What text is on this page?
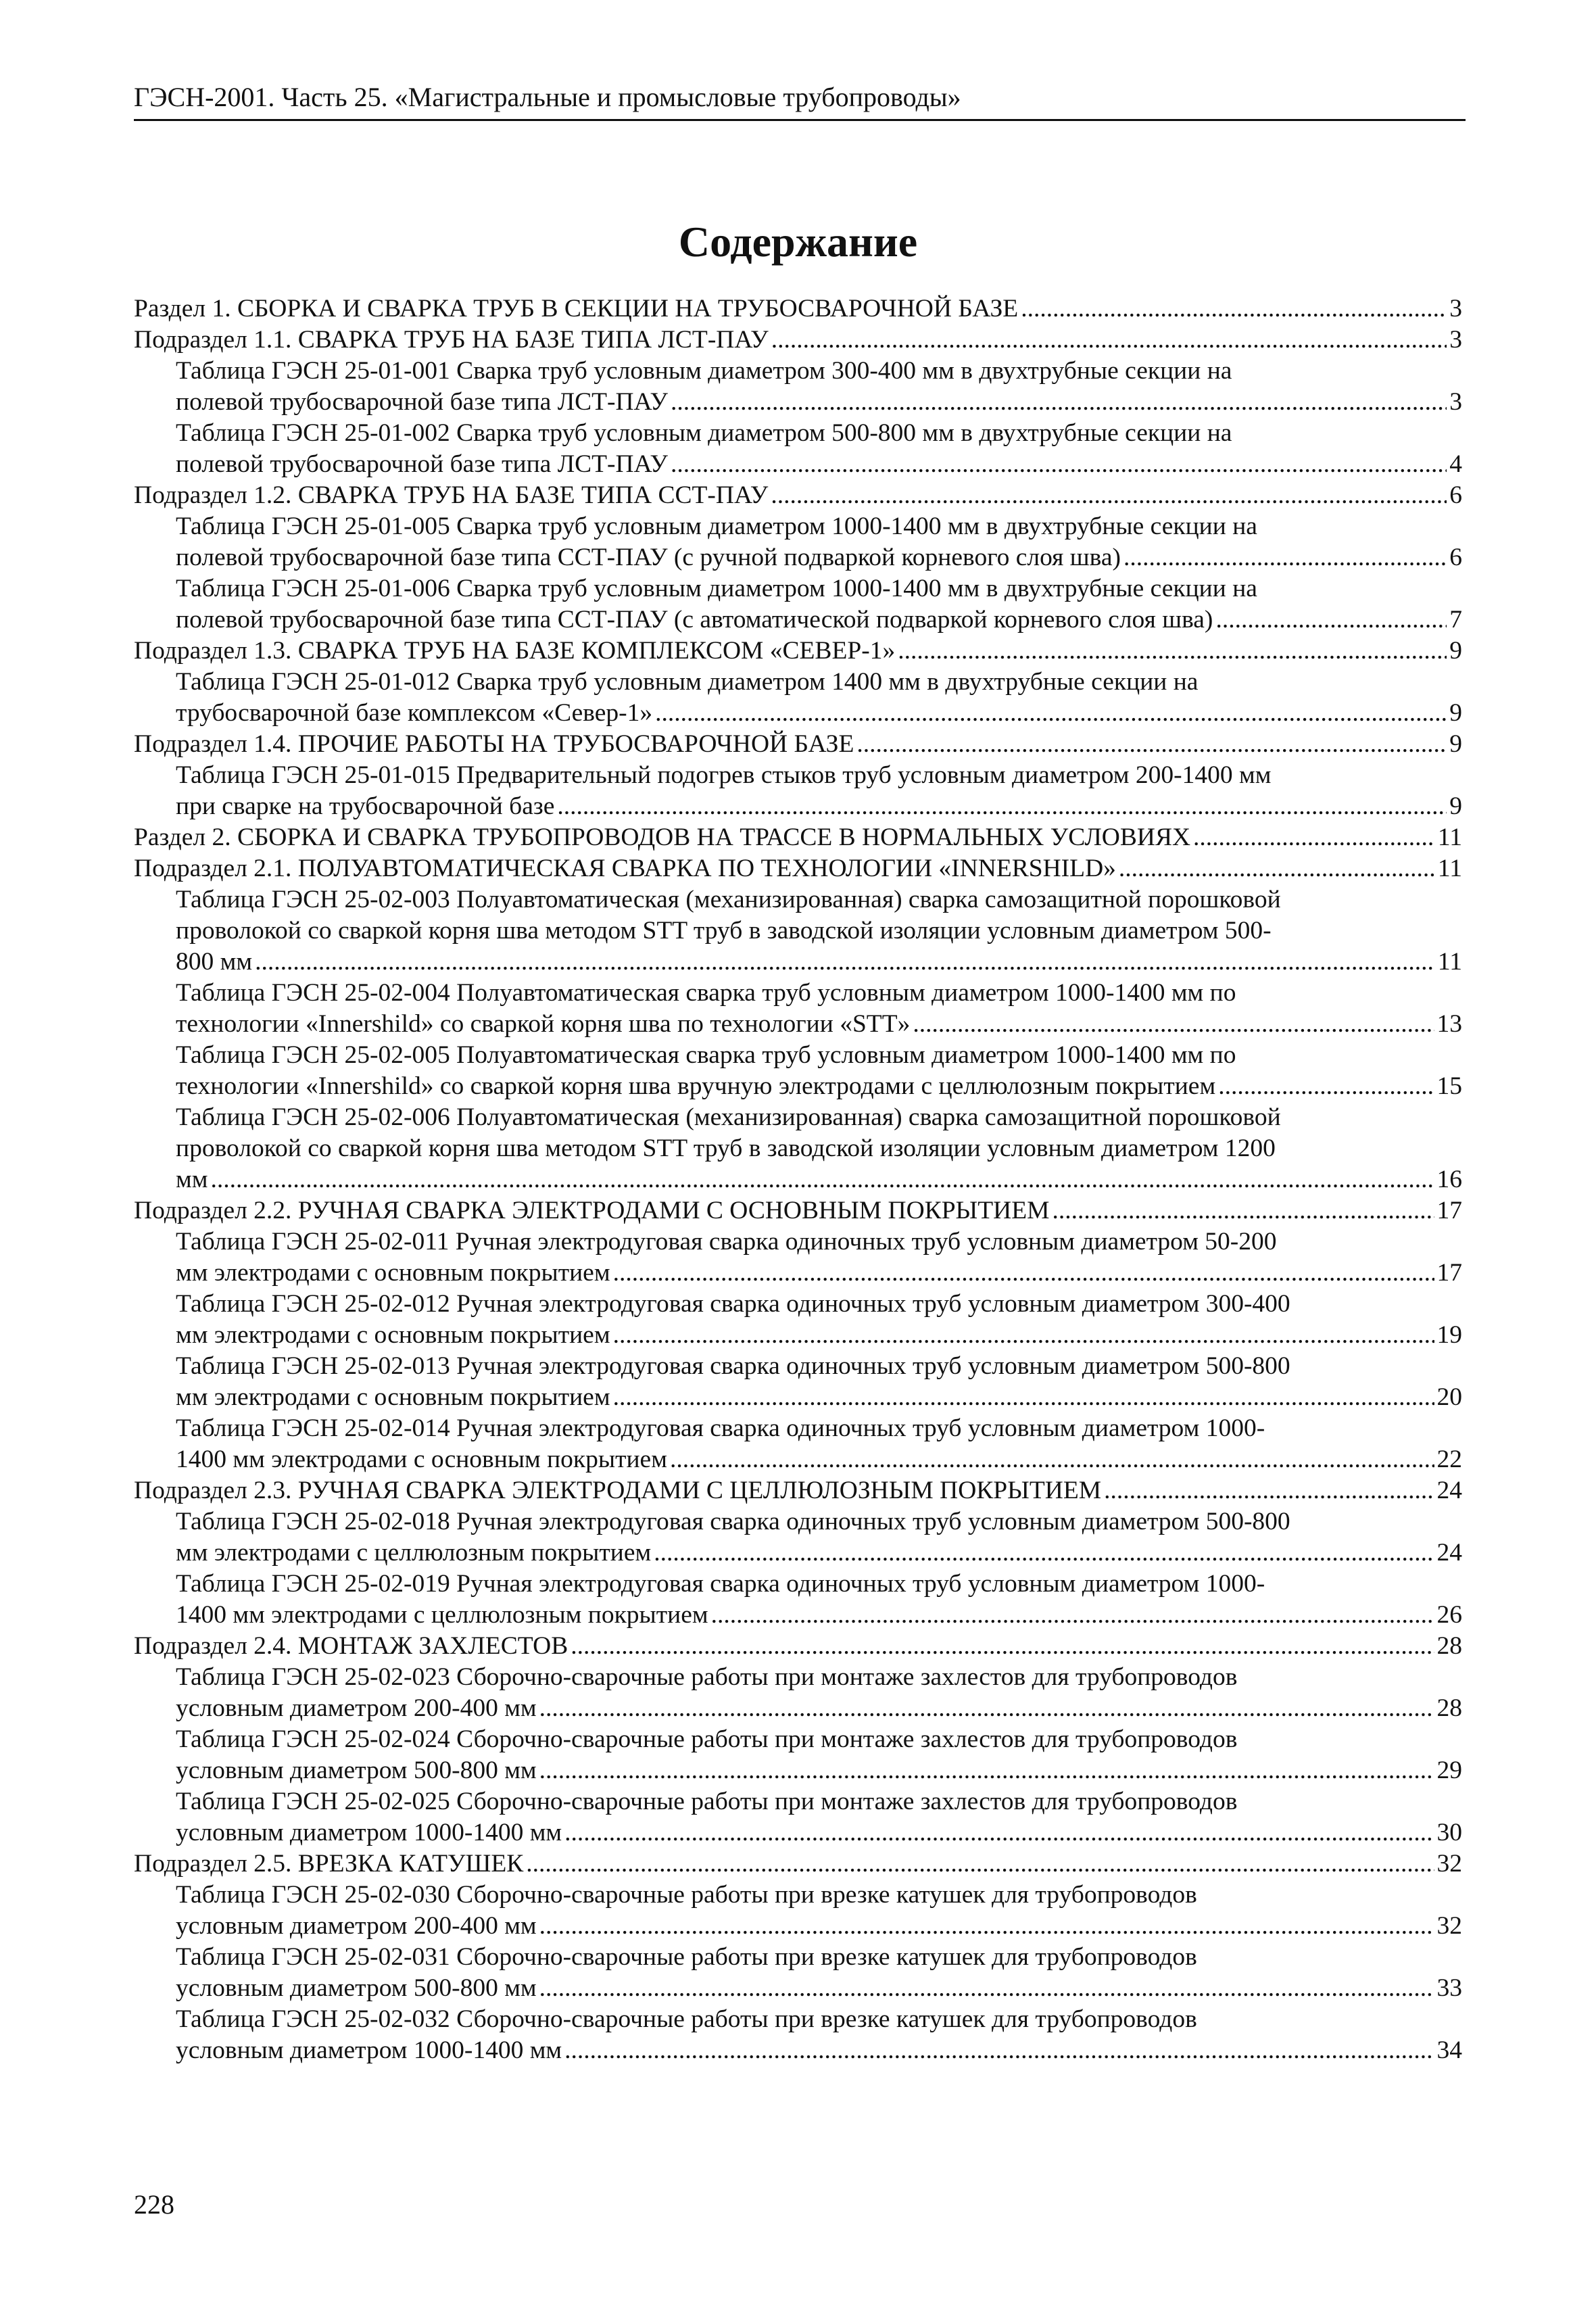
ГЭСН-2001. Часть 25. «Магистральные и промысловые трубопроводы»
Содержание
Раздел 1. СБОРКА И СВАРКА ТРУБ В СЕКЦИИ НА ТРУБОСВАРОЧНОЙ БАЗЕ .....	3
Подраздел 1.1. СВАРКА ТРУБ НА БАЗЕ ТИПА ЛСТ-ПАУ .....	3
Таблица ГЭСН 25-01-001 Сварка труб условным диаметром 300-400 мм в двухтрубные секции на
полевой трубосварочной базе типа ЛСТ-ПАУ .....	3
Таблица ГЭСН 25-01-002 Сварка труб условным диаметром 500-800 мм в двухтрубные секции на
полевой трубосварочной базе типа ЛСТ-ПАУ .....	4
Подраздел 1.2. СВАРКА ТРУБ НА БАЗЕ ТИПА ССТ-ПАУ .....	6
Таблица ГЭСН 25-01-005 Сварка труб условным диаметром 1000-1400 мм в двухтрубные секции на
полевой трубосварочной базе типа ССТ-ПАУ (с ручной подваркой корневого слоя шва) .....	6
Таблица ГЭСН 25-01-006 Сварка труб условным диаметром 1000-1400 мм в двухтрубные секции на
полевой трубосварочной базе типа ССТ-ПАУ (с автоматической подваркой корневого слоя шва) .....	7
Подраздел 1.3. СВАРКА ТРУБ НА БАЗЕ КОМПЛЕКСОМ «СЕВЕР-1» .....	9
Таблица ГЭСН 25-01-012 Сварка труб условным диаметром 1400 мм в двухтрубные секции на
трубосварочной базе комплексом «Север-1» .....	9
Подраздел 1.4. ПРОЧИЕ РАБОТЫ НА ТРУБОСВАРОЧНОЙ БАЗЕ .....	9
Таблица ГЭСН 25-01-015 Предварительный подогрев стыков труб условным диаметром 200-1400 мм
при сварке на трубосварочной базе .....	9
Раздел 2. СБОРКА И СВАРКА ТРУБОПРОВОДОВ НА ТРАССЕ В НОРМАЛЬНЫХ УСЛОВИЯХ .....	11
Подраздел 2.1. ПОЛУАВТОМАТИЧЕСКАЯ СВАРКА ПО ТЕХНОЛОГИИ «INNERSHILD» .....	11
Таблица ГЭСН 25-02-003 Полуавтоматическая (механизированная) сварка самозащитной порошковой
проволокой со сваркой корня шва методом STT труб в заводской изоляции условным диаметром 500-
800 мм .....	11
Таблица ГЭСН 25-02-004 Полуавтоматическая сварка труб условным диаметром 1000-1400 мм по
технологии «Innershild» со сваркой корня шва по технологии «STT» .....	13
Таблица ГЭСН 25-02-005 Полуавтоматическая сварка труб условным диаметром 1000-1400 мм по
технологии «Innershild» со сваркой корня шва вручную электродами с целлюлозным покрытием .....	15
Таблица ГЭСН 25-02-006 Полуавтоматическая (механизированная) сварка самозащитной порошковой
проволокой со сваркой корня шва методом STT труб в заводской изоляции условным диаметром 1200
мм .....	16
Подраздел 2.2. РУЧНАЯ СВАРКА ЭЛЕКТРОДАМИ С ОСНОВНЫМ ПОКРЫТИЕМ .....	17
Таблица ГЭСН 25-02-011 Ручная электродуговая сварка одиночных труб условным диаметром 50-200
мм электродами с основным покрытием .....	17
Таблица ГЭСН 25-02-012 Ручная электродуговая сварка одиночных труб условным диаметром 300-400
мм электродами с основным покрытием .....	19
Таблица ГЭСН 25-02-013 Ручная электродуговая сварка одиночных труб условным диаметром 500-800
мм электродами с основным покрытием .....	20
Таблица ГЭСН 25-02-014 Ручная электродуговая сварка одиночных труб условным диаметром 1000-
1400 мм электродами с основным покрытием .....	22
Подраздел 2.3. РУЧНАЯ СВАРКА ЭЛЕКТРОДАМИ С ЦЕЛЛЮЛОЗНЫМ ПОКРЫТИЕМ .....	24
Таблица ГЭСН 25-02-018 Ручная электродуговая сварка одиночных труб условным диаметром 500-800
мм электродами с целлюлозным покрытием .....	24
Таблица ГЭСН 25-02-019 Ручная электродуговая сварка одиночных труб условным диаметром 1000-
1400 мм электродами с целлюлозным покрытием .....	26
Подраздел 2.4. МОНТАЖ ЗАХЛЕСТОВ .....	28
Таблица ГЭСН 25-02-023 Сборочно-сварочные работы при монтаже захлестов для трубопроводов
условным диаметром 200-400 мм .....	28
Таблица ГЭСН 25-02-024 Сборочно-сварочные работы при монтаже захлестов для трубопроводов
условным диаметром 500-800 мм .....	29
Таблица ГЭСН 25-02-025 Сборочно-сварочные работы при монтаже захлестов для трубопроводов
условным диаметром 1000-1400 мм .....	30
Подраздел 2.5. ВРЕЗКА КАТУШЕК .....	32
Таблица ГЭСН 25-02-030 Сборочно-сварочные работы при врезке катушек для трубопроводов
условным диаметром 200-400 мм .....	32
Таблица ГЭСН 25-02-031 Сборочно-сварочные работы при врезке катушек для трубопроводов
условным диаметром 500-800 мм .....	33
Таблица ГЭСН 25-02-032 Сборочно-сварочные работы при врезке катушек для трубопроводов
условным диаметром 1000-1400 мм .....	34
228
